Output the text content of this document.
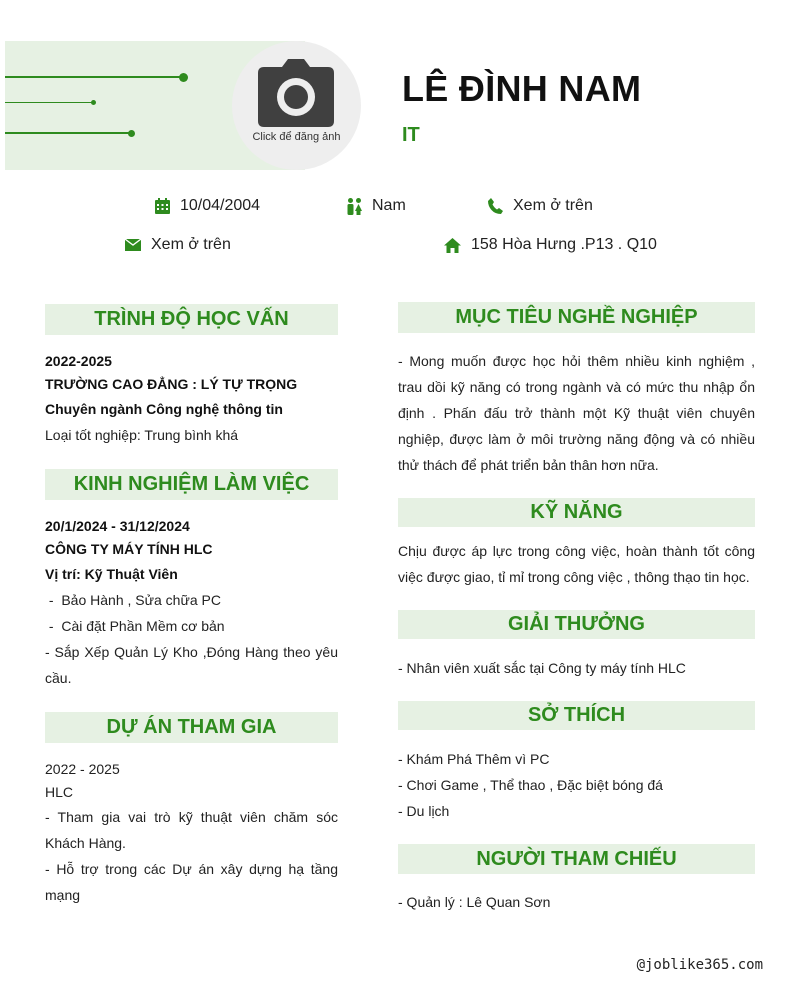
Click để đăng ảnh
LÊ ĐÌNH NAM
IT
10/04/2004	Nam	Xem ở trên
Xem ở trên	158 Hòa Hưng .P13 . Q10
TRÌNH ĐỘ HỌC VẤN
2022-2025
TRƯỜNG CAO ĐẲNG : LÝ TỰ TRỌNG
Chuyên ngành Công nghệ thông tin
Loại tốt nghiệp: Trung bình khá
KINH NGHIỆM LÀM VIỆC
20/1/2024 - 31/12/2024
CÔNG TY MÁY TÍNH HLC
Vị trí: Kỹ Thuật Viên
-  Bảo Hành , Sửa chữa PC
-  Cài đặt Phần Mềm cơ bản
- Sắp Xếp Quản Lý Kho ,Đóng Hàng theo yêu cầu.
DỰ ÁN THAM GIA
2022 - 2025
HLC
- Tham gia vai trò kỹ thuật viên chăm sóc Khách Hàng.
- Hỗ trợ trong các Dự án xây dựng hạ tầng mạng
MỤC TIÊU NGHỀ NGHIỆP
- Mong muốn được học hỏi thêm nhiều kinh nghiệm , trau dồi kỹ năng có trong ngành và có mức thu nhập ổn định . Phấn đấu trở thành một Kỹ thuật viên chuyên nghiệp, được làm ở môi trường năng động và có nhiều thử thách để phát triển bản thân hơn nữa.
KỸ NĂNG
Chịu được áp lực trong công việc, hoàn thành tốt công việc được giao, tỉ mỉ trong công việc , thông thạo tin học.
GIẢI THƯỞNG
- Nhân viên xuất sắc tại Công ty máy tính HLC
SỞ THÍCH
- Khám Phá Thêm vì PC
- Chơi Game , Thể thao , Đặc biệt bóng đá
- Du lịch
NGƯỜI THAM CHIẾU
- Quản lý : Lê Quan Sơn
@joblike365.com
